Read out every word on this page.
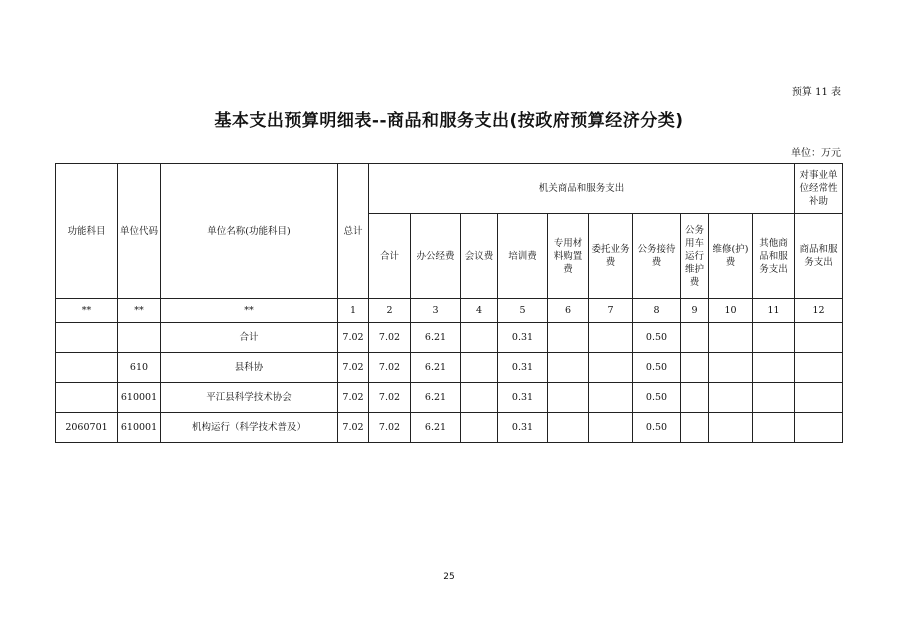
预算 11 表
基本支出预算明细表--商品和服务支出(按政府预算经济分类)
单位：万元
功能科目	单位代码	单位名称(功能科目)	总计	机关商品和服务支出										对事业单位经常性补助
				合计	办公经费	会议费	培训费	专用材料购置费	委托业务费	公务接待费	公务用车运行维护费	维修(护)费	其他商品和服务支出	商品和服务支出
**	**	**	1	2	3	4	5	6	7	8	9	10	11	12
		合计	7.02	7.02	6.21		0.31			0.50				
	610	县科协	7.02	7.02	6.21		0.31			0.50				
	610001	平江县科学技术协会	7.02	7.02	6.21		0.31			0.50				
2060701	610001	机构运行（科学技术普及）	7.02	7.02	6.21		0.31			0.50				
25
